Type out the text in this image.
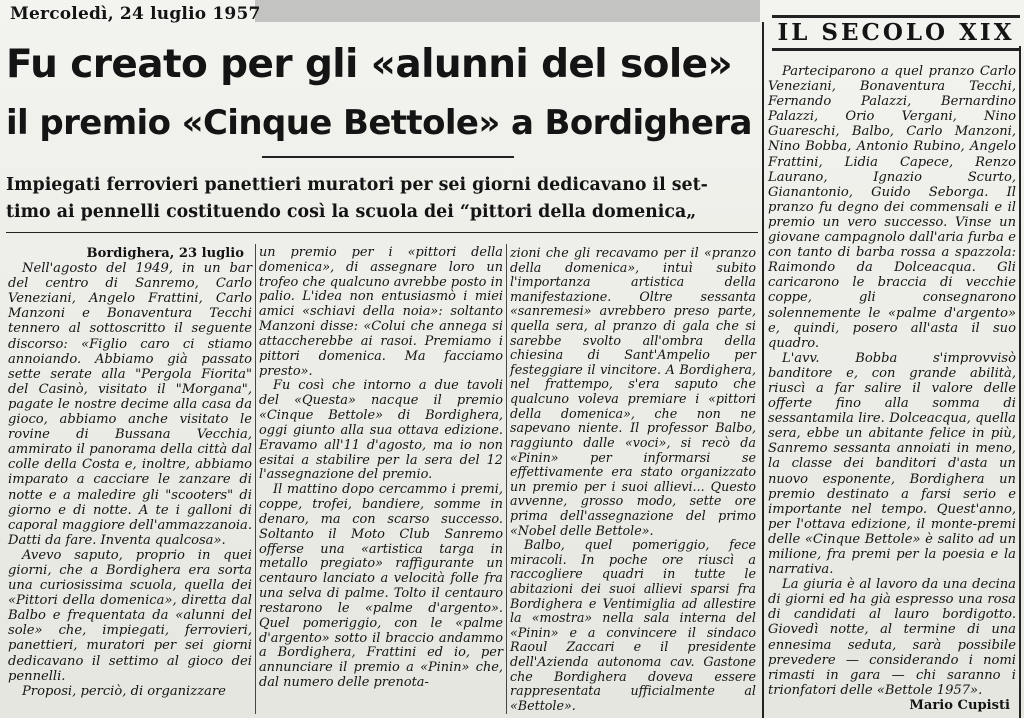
Mercoledì, 24 luglio 1957
IL SECOLO XIX
Fu creato per gli «alunni del sole»
il premio «Cinque Bettole» a Bordighera
Impiegati ferrovieri panettieri muratori per sei giorni dedicavano il set-
timo ai pennelli costituendo così la scuola dei “pittori della domenica„
Bordighera, 23 luglio

Nell'agosto del 1949, in un bar del centro di Sanremo, Carlo Veneziani, Angelo Frattini, Carlo Manzoni e Bonaventura Tecchi tennero al sottoscritto il seguente discorso: «Figlio caro ci stiamo annoiando. Abbiamo già passato sette serate alla "Pergola Fiorita" del Casinò, visitato il "Morgana", pagate le nostre decime alla casa da gioco, abbiamo anche visitato le rovine di Bussana Vecchia, ammirato il panorama della città dal colle della Costa e, inoltre, abbiamo imparato a cacciare le zanzare di notte e a maledire gli "scooters" di giorno e di notte. A te i galloni di caporal maggiore dell'ammazzanoia. Datti da fare. Inventa qualcosa».

Avevo saputo, proprio in quei giorni, che a Bordighera era sorta una curiosissima scuola, quella dei «Pittori della domenica», diretta dal Balbo e frequentata da «alunni del sole» che, impiegati, ferrovieri, panettieri, muratori per sei giorni dedicavano il settimo al gioco dei pennelli.

Proposi, perciò, di organizzare

un premio per i «pittori della domenica», di assegnare loro un trofeo che qualcuno avrebbe posto in palio. L'idea non entusiasmò i miei amici «schiavi della noia»: soltanto Manzoni disse: «Colui che annega si attaccherebbe ai rasoi. Premiamo i pittori domenica. Ma facciamo presto».

Fu così che intorno a due tavoli del «Questa» nacque il premio «Cinque Bettole» di Bordighera, oggi giunto alla sua ottava edizione. Eravamo all'11 d'agosto, ma io non esitai a stabilire per la sera del 12 l'assegnazione del premio.

Il mattino dopo cercammo i premi, coppe, trofei, bandiere, somme in denaro, ma con scarso successo. Soltanto il Moto Club Sanremo offerse una «artistica targa in metallo pregiato» raffigurante un centauro lanciato a velocità folle fra una selva di palme. Tolto il centauro restarono le «palme d'argento». Quel pomeriggio, con le «palme d'argento» sotto il braccio andammo a Bordighera, Frattini ed io, per annunciare il premio a «Pinin» che, dal numero delle prenota-

zioni che gli recavamo per il «pranzo della domenica», intuì subito l'importanza artistica della manifestazione. Oltre sessanta «sanremesi» avrebbero preso parte, quella sera, al pranzo di gala che si sarebbe svolto all'ombra della chiesina di Sant'Ampelio per festeggiare il vincitore. A Bordighera, nel frattempo, s'era saputo che qualcuno voleva premiare i «pittori della domenica», che non ne sapevano niente. Il professor Balbo, raggiunto dalle «voci», si recò da «Pinin» per informarsi se effettivamente era stato organizzato un premio per i suoi allievi... Questo avvenne, grosso modo, sette ore prima dell'assegnazione del primo «Nobel delle Bettole».

Balbo, quel pomeriggio, fece miracoli. In poche ore riuscì a raccogliere quadri in tutte le abitazioni dei suoi allievi sparsi fra Bordighera e Ventimiglia ad allestire la «mostra» nella sala interna del «Pinin» e a convincere il sindaco Raoul Zaccari e il presidente dell'Azienda autonoma cav. Gastone che Bordighera doveva essere rappresentata ufficialmente al «Bettole».

Parteciparono a quel pranzo Carlo Veneziani, Bonaventura Tecchi, Fernando Palazzi, Bernardino Palazzi, Orio Vergani, Nino Guareschi, Balbo, Carlo Manzoni, Nino Bobba, Antonio Rubino, Angelo Frattini, Lidia Capece, Renzo Laurano, Ignazio Scurto, Gianantonio, Guido Seborga. Il pranzo fu degno dei commensali e il premio un vero successo. Vinse un giovane campagnolo dall'aria furba e con tanto di barba rossa a spazzola: Raimondo da Dolceacqua. Gli caricarono le braccia di vecchie coppe, gli consegnarono solennemente le «palme d'argento» e, quindi, posero all'asta il suo quadro.

L'avv. Bobba s'improvvisò banditore e, con grande abilità, riuscì a far salire il valore delle offerte fino alla somma di sessantamila lire. Dolceacqua, quella sera, ebbe un abitante felice in più, Sanremo sessanta annoiati in meno, la classe dei banditori d'asta un nuovo esponente, Bordighera un premio destinato a farsi serio e importante nel tempo. Quest'anno, per l'ottava edizione, il monte-premi delle «Cinque Bettole» è salito ad un milione, fra premi per la poesia e la narrativa.

La giuria è al lavoro da una decina di giorni ed ha già espresso una rosa di candidati al lauro bordigotto. Giovedì notte, al termine di una ennesima seduta, sarà possibile prevedere — considerando i nomi rimasti in gara — chi saranno i trionfatori delle «Bettole 1957».

Mario Cupisti
